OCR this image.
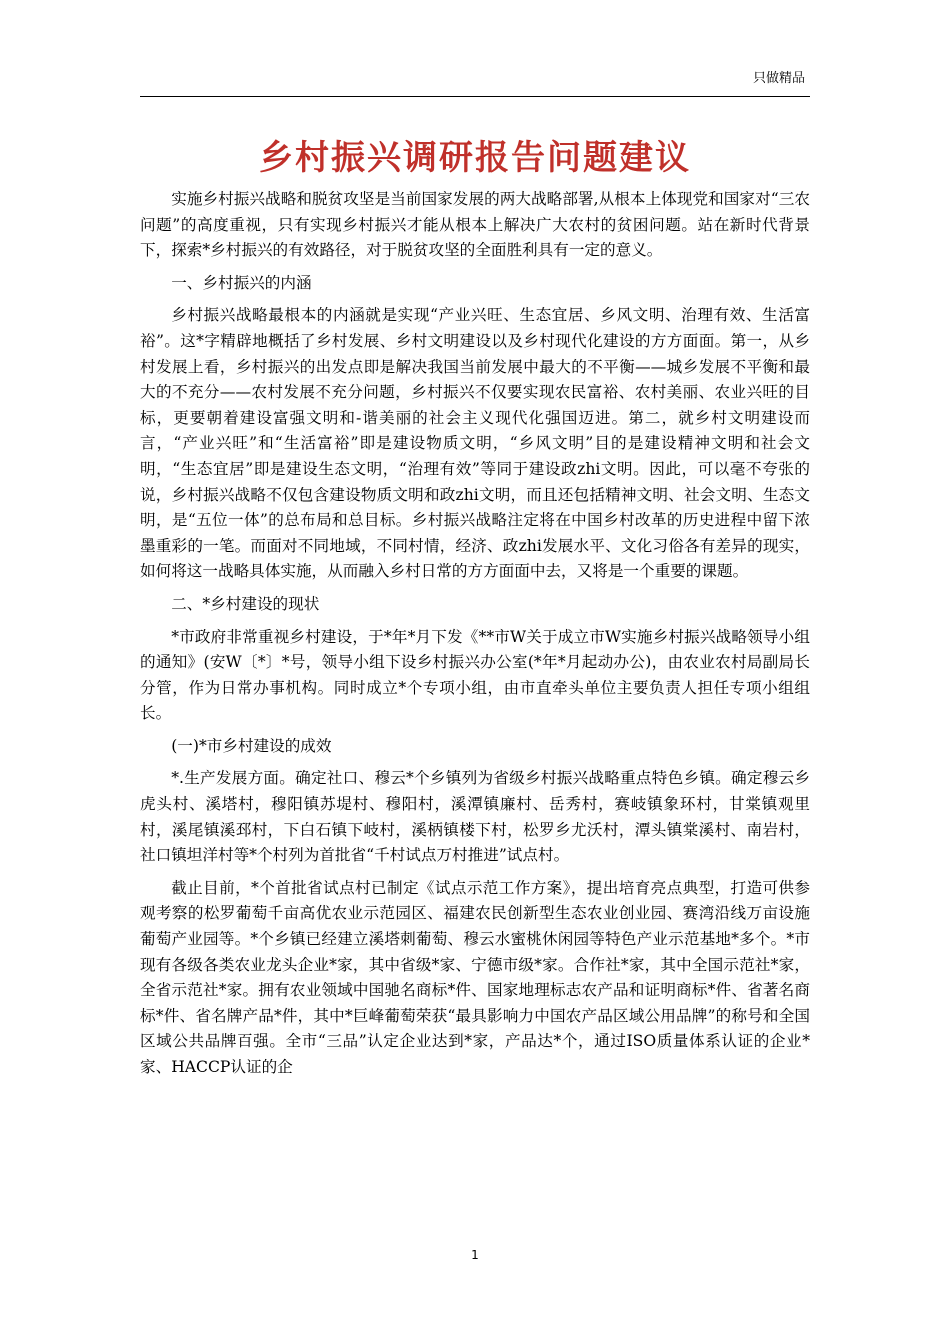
只做精品
乡村振兴调研报告问题建议

实施乡村振兴战略和脱贫攻坚是当前国家发展的两大战略部署,从根本上体现党和国家对“三农问题”的高度重视，只有实现乡村振兴才能从根本上解决广大农村的贫困问题。站在新时代背景下，探索*乡村振兴的有效路径，对于脱贫攻坚的全面胜利具有一定的意义。

一、乡村振兴的内涵

乡村振兴战略最根本的内涵就是实现“产业兴旺、生态宜居、乡风文明、治理有效、生活富裕”。这*字精辟地概括了乡村发展、乡村文明建设以及乡村现代化建设的方方面面。第一，从乡村发展上看，乡村振兴的出发点即是解决我国当前发展中最大的不平衡——城乡发展不平衡和最大的不充分——农村发展不充分问题，乡村振兴不仅要实现农民富裕、农村美丽、农业兴旺的目标，更要朝着建设富强文明和-谐美丽的社会主义现代化强国迈进。第二，就乡村文明建设而言，“产业兴旺”和“生活富裕”即是建设物质文明，“乡风文明”目的是建设精神文明和社会文明，“生态宜居”即是建设生态文明，“治理有效”等同于建设政zhi文明。因此，可以毫不夸张的说，乡村振兴战略不仅包含建设物质文明和政zhi文明，而且还包括精神文明、社会文明、生态文明，是“五位一体”的总布局和总目标。乡村振兴战略注定将在中国乡村改革的历史进程中留下浓墨重彩的一笔。而面对不同地域，不同村情，经济、政zhi发展水平、文化习俗各有差异的现实，如何将这一战略具体实施，从而融入乡村日常的方方面面中去，又将是一个重要的课题。

二、*乡村建设的现状

*市政府非常重视乡村建设，于*年*月下发《**市W关于成立市W实施乡村振兴战略领导小组的通知》(安W〔*〕*号，领导小组下设乡村振兴办公室(*年*月起动办公)，由农业农村局副局长分管，作为日常办事机构。同时成立*个专项小组，由市直牵头单位主要负责人担任专项小组组长。

(一)*市乡村建设的成效

*.生产发展方面。确定社口、穆云*个乡镇列为省级乡村振兴战略重点特色乡镇。确定穆云乡虎头村、溪塔村，穆阳镇苏堤村、穆阳村，溪潭镇廉村、岳秀村，赛岐镇象环村，甘棠镇观里村，溪尾镇溪邳村，下白石镇下岐村，溪柄镇楼下村，松罗乡尤沃村，潭头镇棠溪村、南岩村，社口镇坦洋村等*个村列为首批省“千村试点万村推进”试点村。

截止目前，*个首批省试点村已制定《试点示范工作方案》，提出培育亮点典型，打造可供参观考察的松罗葡萄千亩高优农业示范园区、福建农民创新型生态农业创业园、赛湾沿线万亩设施葡萄产业园等。*个乡镇已经建立溪塔刺葡萄、穆云水蜜桃休闲园等特色产业示范基地*多个。*市现有各级各类农业龙头企业*家，其中省级*家、宁德市级*家。合作社*家，其中全国示范社*家，全省示范社*家。拥有农业领域中国驰名商标*件、国家地理标志农产品和证明商标*件、省著名商标*件、省名牌产品*件，其中*巨峰葡萄荣获“最具影响力中国农产品区域公用品牌”的称号和全国区域公共品牌百强。全市“三品”认定企业达到*家，产品达*个，通过ISO质量体系认证的企业*家、HACCP认证的企

1
